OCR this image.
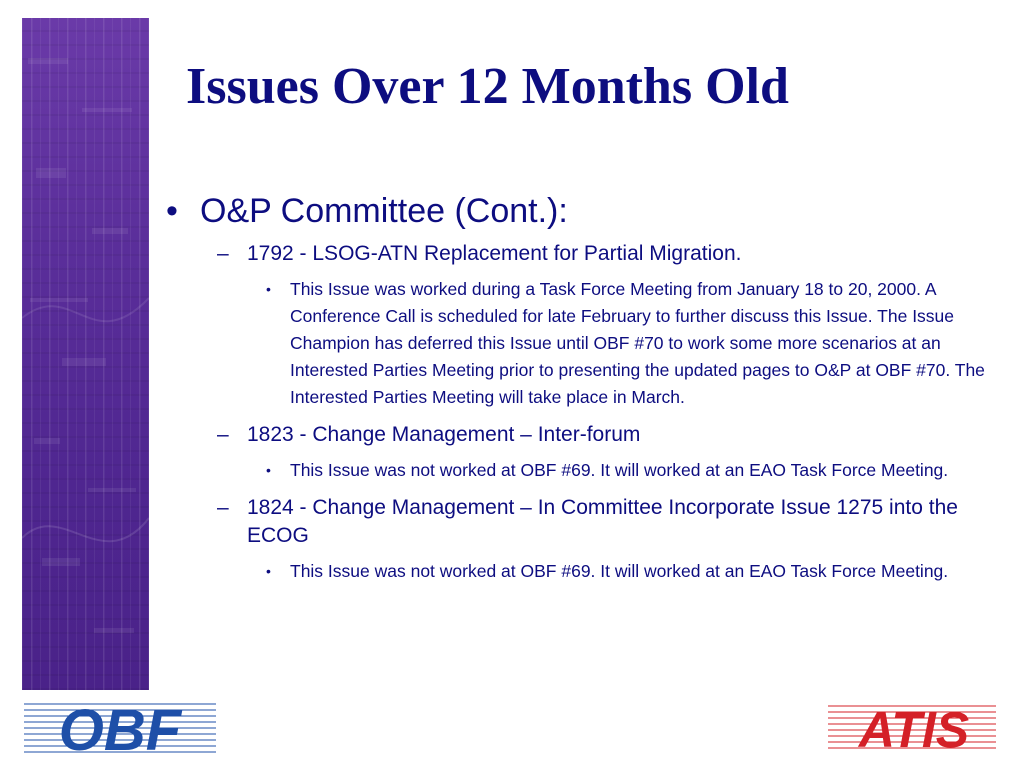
Issues Over 12 Months Old
• O&P Committee (Cont.):
– 1792 - LSOG-ATN Replacement for Partial Migration.
•	This Issue was worked during a Task Force Meeting from January 18 to 20, 2000. A Conference Call is scheduled for late February to further discuss this Issue. The Issue Champion has deferred this Issue until OBF #70 to work some more scenarios at an Interested Parties Meeting prior to presenting the updated pages to O&P at OBF #70. The Interested Parties Meeting will take place in March.
– 1823 - Change Management – Inter-forum
•	This Issue was not worked at OBF #69. It will worked at an EAO Task Force Meeting.
– 1824 - Change Management – In Committee Incorporate Issue 1275 into the ECOG
•	This Issue was not worked at OBF #69. It will worked at an EAO Task Force Meeting.
OBF	ATIS
